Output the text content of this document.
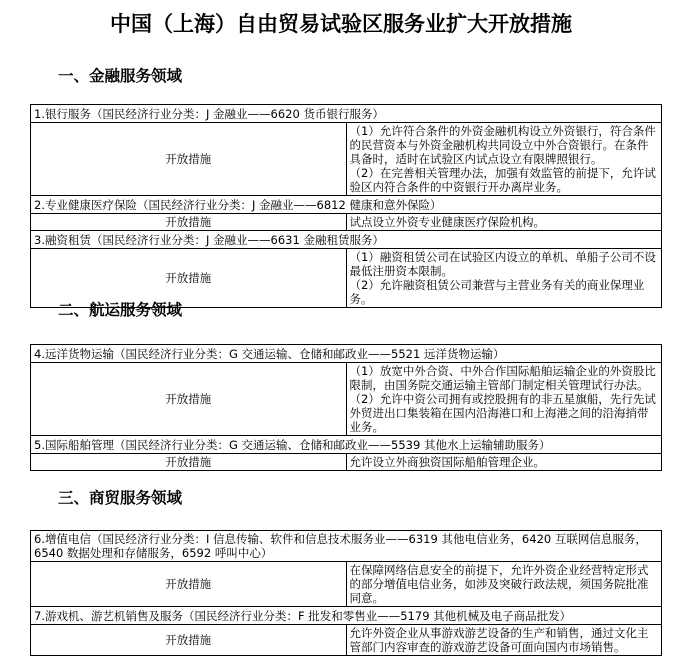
中国（上海）自由贸易试验区服务业扩大开放措施
一、金融服务领域
1.银行服务（国民经济行业分类：J 金融业——6620 货币银行服务）	
开放措施	（1）允许符合条件的外资金融机构设立外资银行，符合条件的民营资本与外资金融机构共同设立中外合资银行。在条件具备时，适时在试验区内试点设立有限牌照银行。
（2）在完善相关管理办法，加强有效监管的前提下，允许试验区内符合条件的中资银行开办离岸业务。

2.专业健康医疗保险（国民经济行业分类：J 金融业——6812 健康和意外保险）	
开放措施	试点设立外资专业健康医疗保险机构。
3.融资租赁（国民经济行业分类：J 金融业——6631 金融租赁服务）	
开放措施	（1）融资租赁公司在试验区内设立的单机、单船子公司不设最低注册资本限制。
（2）允许融资租赁公司兼营与主营业务有关的商业保理业务。
二、航运服务领域
4.远洋货物运输（国民经济行业分类：G 交通运输、仓储和邮政业——5521 远洋货物运输）	
开放措施	（1）放宽中外合资、中外合作国际船舶运输企业的外资股比限制，由国务院交通运输主管部门制定相关管理试行办法。
（2）允许中资公司拥有或控股拥有的非五星旗船，先行先试外贸进出口集装箱在国内沿海港口和上海港之间的沿海捎带业务。

5.国际船舶管理（国民经济行业分类：G 交通运输、仓储和邮政业——5539 其他水上运输辅助服务）	
开放措施	允许设立外商独资国际船舶管理企业。
三、商贸服务领域
6.增值电信（国民经济行业分类：I 信息传输、软件和信息技术服务业——6319 其他电信业务，6420 互联网信息服务，6540 数据处理和存储服务，6592 呼叫中心）	
开放措施	在保障网络信息安全的前提下，允许外资企业经营特定形式的部分增值电信业务，如涉及突破行政法规，须国务院批准同意。
7.游戏机、游艺机销售及服务（国民经济行业分类：F 批发和零售业——5179 其他机械及电子商品批发）	
开放措施	允许外资企业从事游戏游艺设备的生产和销售，通过文化主管部门内容审查的游戏游艺设备可面向国内市场销售。
